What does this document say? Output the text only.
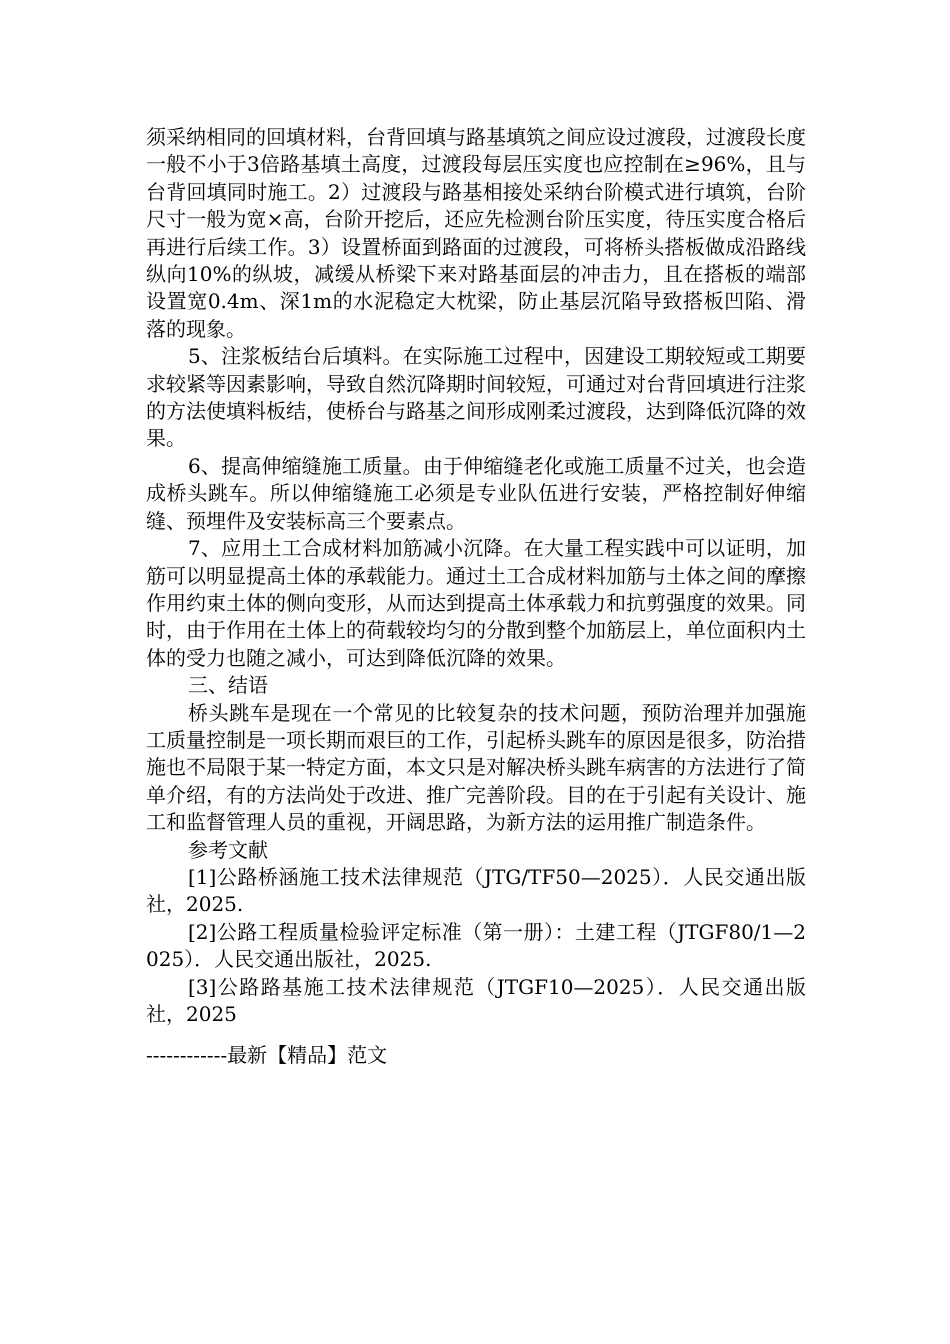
须采纳相同的回填材料，台背回填与路基填筑之间应设过渡段，过渡段长度一般不小于3倍路基填土高度，过渡段每层压实度也应控制在≥96%，且与台背回填同时施工。2）过渡段与路基相接处采纳台阶模式进行填筑，台阶尺寸一般为宽×高，台阶开挖后，还应先检测台阶压实度，待压实度合格后再进行后续工作。3）设置桥面到路面的过渡段，可将桥头搭板做成沿路线纵向10%的纵坡，减缓从桥梁下来对路基面层的冲击力，且在搭板的端部设置宽0.4m、深1m的水泥稳定大枕梁，防止基层沉陷导致搭板凹陷、滑落的现象。

5、注浆板结台后填料。在实际施工过程中，因建设工期较短或工期要求较紧等因素影响，导致自然沉降期时间较短，可通过对台背回填进行注浆的方法使填料板结，使桥台与路基之间形成刚柔过渡段，达到降低沉降的效果。

6、提高伸缩缝施工质量。由于伸缩缝老化或施工质量不过关，也会造成桥头跳车。所以伸缩缝施工必须是专业队伍进行安装，严格控制好伸缩缝、预埋件及安装标高三个要素点。

7、应用土工合成材料加筋减小沉降。在大量工程实践中可以证明，加筋可以明显提高土体的承载能力。通过土工合成材料加筋与土体之间的摩擦作用约束土体的侧向变形，从而达到提高土体承载力和抗剪强度的效果。同时，由于作用在土体上的荷载较均匀的分散到整个加筋层上，单位面积内土体的受力也随之减小，可达到降低沉降的效果。

三、结语

桥头跳车是现在一个常见的比较复杂的技术问题，预防治理并加强施工质量控制是一项长期而艰巨的工作，引起桥头跳车的原因是很多，防治措施也不局限于某一特定方面，本文只是对解决桥头跳车病害的方法进行了简单介绍，有的方法尚处于改进、推广完善阶段。目的在于引起有关设计、施工和监督管理人员的重视，开阔思路，为新方法的运用推广制造条件。

参考文献

[1]公路桥涵施工技术法律规范（JTG/TF50—2025）．人民交通出版社，2025.

[2]公路工程质量检验评定标准（第一册）：土建工程（JTGF80/1—2025）．人民交通出版社，2025.

[3]公路路基施工技术法律规范（JTGF10—2025）．人民交通出版社，2025

------------最新【精品】范文
